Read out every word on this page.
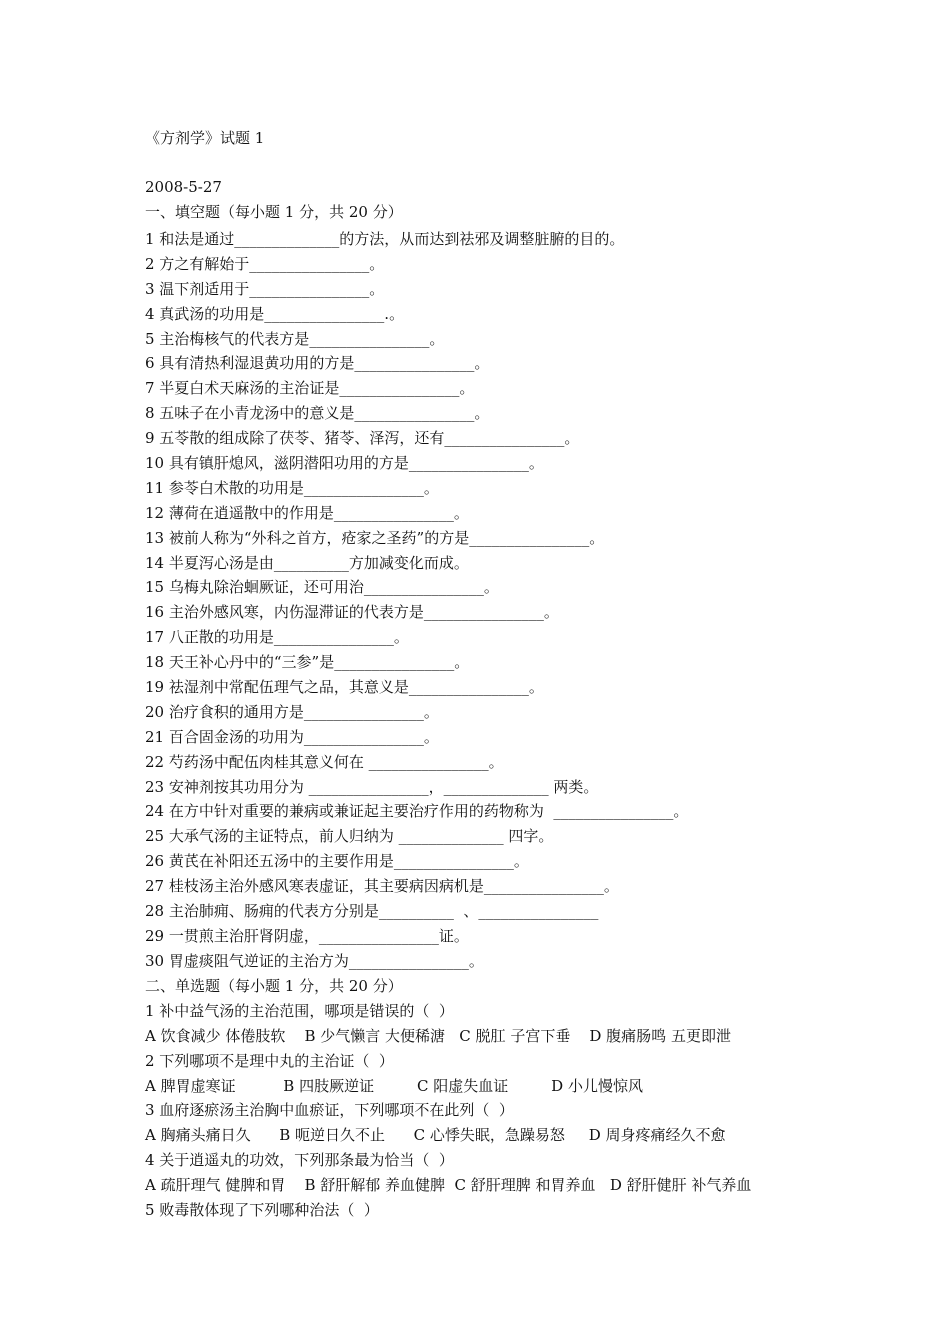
《方剂学》试题 1
2008-5-27
一、填空题（每小题 1 分，共 20 分）
1 和法是通过______________的方法，从而达到祛邪及调整脏腑的目的。
2 方之有解始于________________。
3 温下剂适用于________________。
4 真武汤的功用是________________.。
5 主治梅核气的代表方是________________。
6 具有清热利湿退黄功用的方是________________。
7 半夏白术天麻汤的主治证是________________。
8 五味子在小青龙汤中的意义是________________。
9 五苓散的组成除了茯苓、猪苓、泽泻，还有________________。
10 具有镇肝熄风，滋阴潜阳功用的方是________________。
11 参苓白术散的功用是________________。
12 薄荷在逍遥散中的作用是________________。
13 被前人称为“外科之首方，疮家之圣药”的方是________________。
14 半夏泻心汤是由__________方加减变化而成。
15 乌梅丸除治蛔厥证，还可用治________________。
16 主治外感风寒，内伤湿滞证的代表方是________________。
17 八正散的功用是________________。
18 天王补心丹中的“三参”是________________。
19 祛湿剂中常配伍理气之品，其意义是________________。
20 治疗食积的通用方是________________。
21 百合固金汤的功用为________________。
22 芍药汤中配伍肉桂其意义何在 ________________。
23 安神剂按其功用分为 ________________，______________ 两类。
24 在方中针对重要的兼病或兼证起主要治疗作用的药物称为  ________________。
25 大承气汤的主证特点，前人归纳为 ______________ 四字。
26 黄芪在补阳还五汤中的主要作用是________________。
27 桂枝汤主治外感风寒表虚证，其主要病因病机是________________。
28 主治肺痈、肠痈的代表方分别是__________  、________________
29 一贯煎主治肝肾阴虚，________________证。
30 胃虚痰阻气逆证的主治方为________________。
二、单选题（每小题 1 分，共 20 分）
1 补中益气汤的主治范围，哪项是错误的（  ）
A 饮食减少 体倦肢软    B 少气懒言 大便稀溏   C 脱肛 子宫下垂    D 腹痛肠鸣 五更即泄
2 下列哪项不是理中丸的主治证（  ）
A 脾胃虚寒证          B 四肢厥逆证         C 阳虚失血证         D 小儿慢惊风
3 血府逐瘀汤主治胸中血瘀证，下列哪项不在此列（  ）
A 胸痛头痛日久      B 呃逆日久不止      C 心悸失眠，急躁易怒     D 周身疼痛经久不愈
4 关于逍遥丸的功效，下列那条最为恰当（  ）
A 疏肝理气 健脾和胃    B 舒肝解郁 养血健脾  C 舒肝理脾 和胃养血   D 舒肝健肝 补气养血
5 败毒散体现了下列哪种治法（  ）
